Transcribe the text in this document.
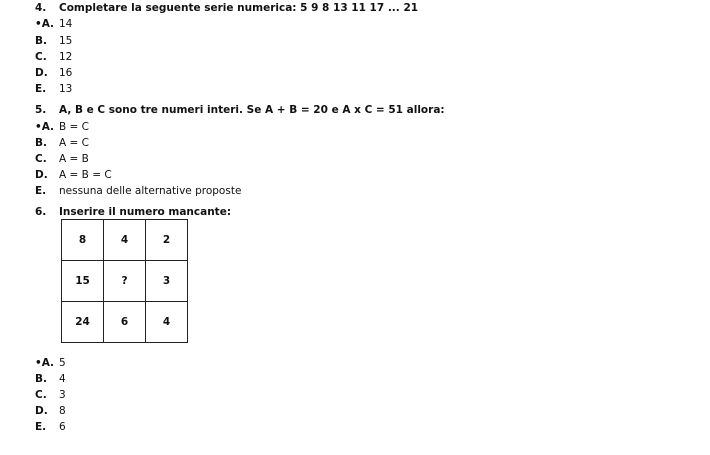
4. Completare la seguente serie numerica: 5 9 8 13 11 17 ... 21
•A. 14
B. 15
C. 12
D. 16
E. 13
5. A, B e C sono tre numeri interi. Se A + B = 20 e A x C = 51 allora:
•A. B = C
B. A = C
C. A = B
D. A = B = C
E. nessuna delle alternative proposte
6. Inserire il numero mancante:
8	4	2
15	?	3
24	6	4
•A. 5
B. 4
C. 3
D. 8
E. 6
